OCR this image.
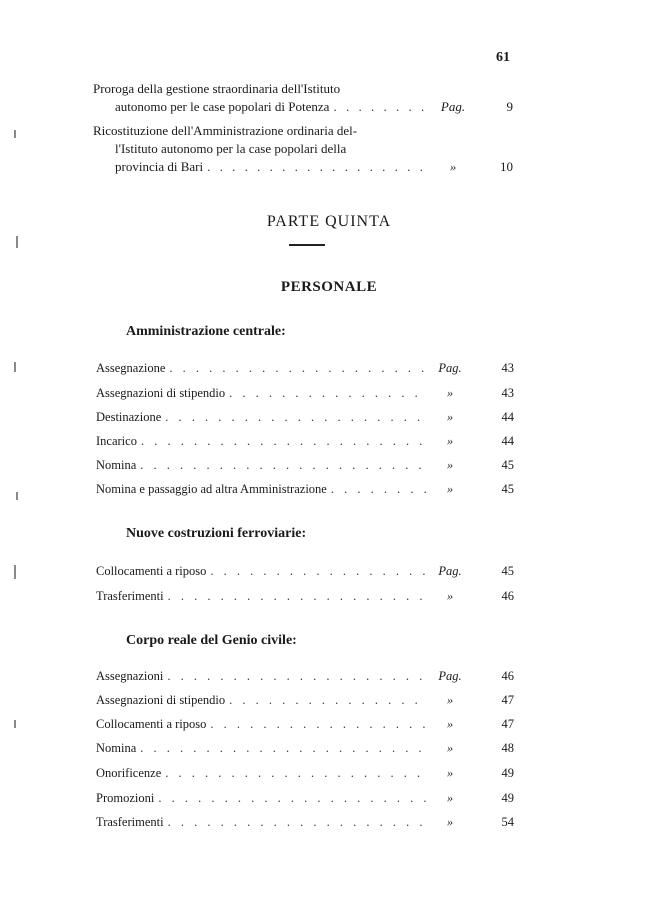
61
Proroga della gestione straordinaria dell'Istituto
autonomo per le case popolari di Potenza . . .	Pag.	9
Ricostituzione dell'Amministrazione ordinaria del-
l'Istituto autonomo per la case popolari della
provincia di Bari . . .	»	10
PARTE QUINTA
PERSONALE
Amministrazione centrale:
Assegnazione . . .	Pag.	43
Assegnazioni di stipendio . . .	»	43
Destinazione . . .	»	44
Incarico . . .	»	44
Nomina . . .	»	45
Nomina e passaggio ad altra Amministrazione . . .	»	45
Nuove costruzioni ferroviarie:
Collocamenti a riposo . . .	Pag.	45
Trasferimenti . . .	»	46
Corpo reale del Genio civile:
Assegnazioni . . .	Pag.	46
Assegnazioni di stipendio . . .	»	47
Collocamenti a riposo . . .	»	47
Nomina . . .	»	48
Onorificenze . . .	»	49
Promozioni . . .	»	49
Trasferimenti . . .	»	54
